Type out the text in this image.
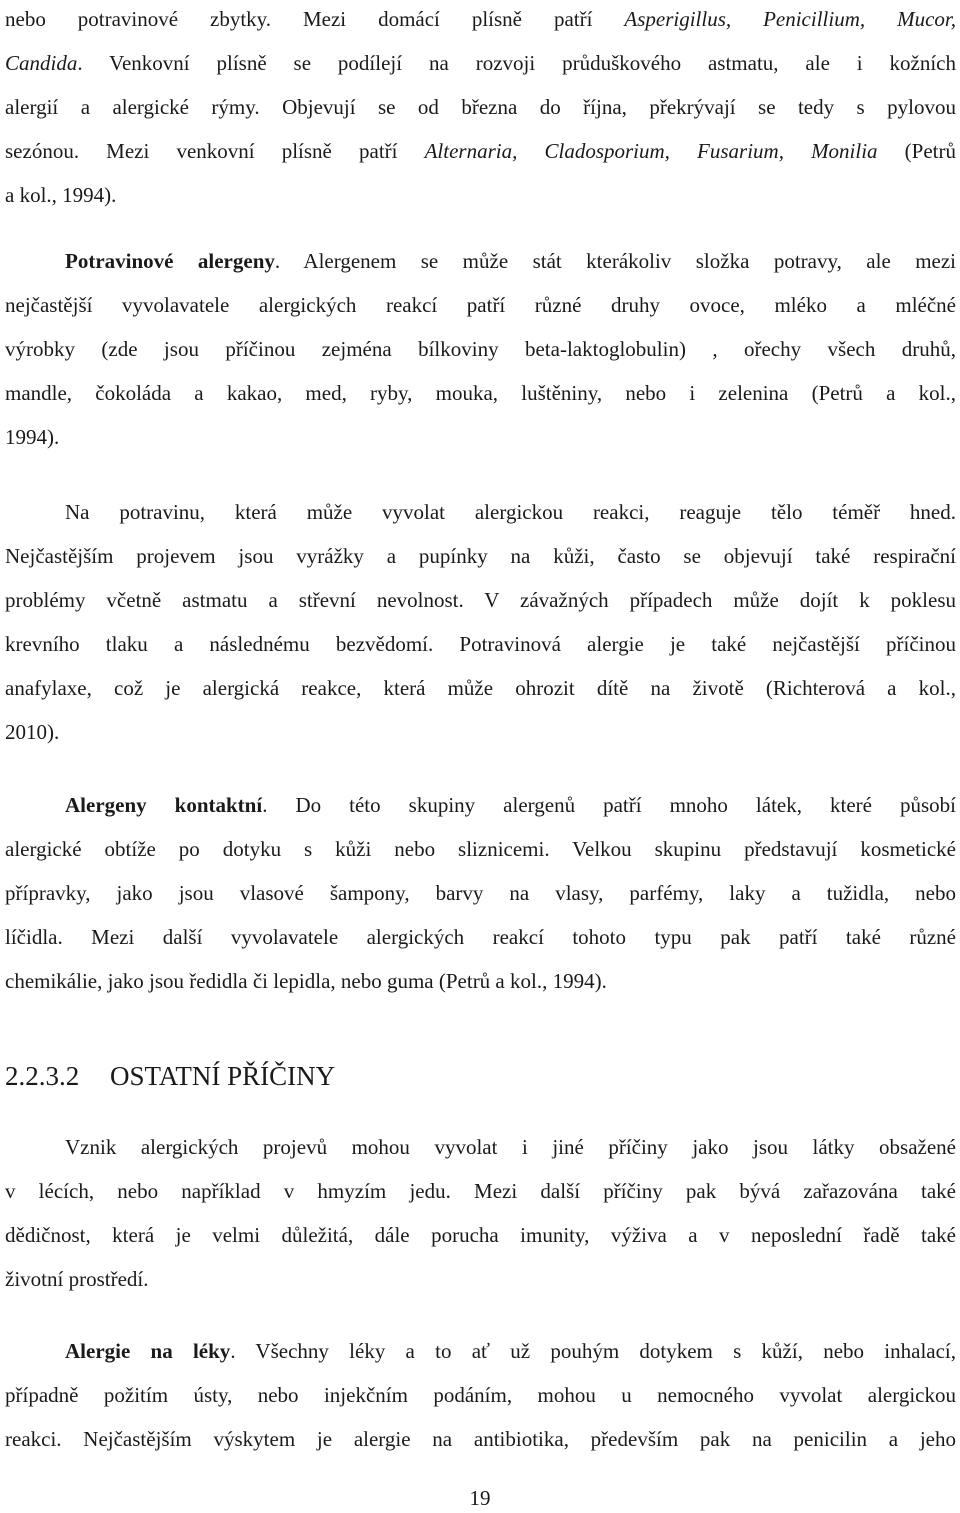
nebo potravinové zbytky. Mezi domácí plísně patří Asperigillus, Penicillium, Mucor,
Candida. Venkovní plísně se podílejí na rozvoji průduškového astmatu, ale i kožních
alergií a alergické rýmy. Objevují se od března do října, překrývají se tedy s pylovou
sezónou. Mezi venkovní plísně patří Alternaria, Cladosporium, Fusarium, Monilia (Petrů
a kol., 1994).
Potravinové alergeny. Alergenem se může stát kterákoliv složka potravy, ale mezi
nejčastější vyvolavatele alergických reakcí patří různé druhy ovoce, mléko a mléčné
výrobky (zde jsou příčinou zejména bílkoviny beta-laktoglobulin) , ořechy všech druhů,
mandle, čokoláda a kakao, med, ryby, mouka, luštěniny, nebo i zelenina (Petrů a kol.,
1994).
Na potravinu, která může vyvolat alergickou reakci, reaguje tělo téměř hned.
Nejčastějším projevem jsou vyrážky a pupínky na kůži, často se objevují také respirační
problémy včetně astmatu a střevní nevolnost. V závažných případech může dojít k poklesu
krevního tlaku a následnému bezvědomí. Potravinová alergie je také nejčastější příčinou
anafylaxe, což je alergická reakce, která může ohrozit dítě na životě (Richterová a kol.,
2010).
Alergeny kontaktní. Do této skupiny alergenů patří mnoho látek, které působí
alergické obtíže po dotyku s kůži nebo sliznicemi. Velkou skupinu představují kosmetické
přípravky, jako jsou vlasové šampony, barvy na vlasy, parfémy, laky a tužidla, nebo
líčidla. Mezi další vyvolavatele alergických reakcí tohoto typu pak patří také různé
chemikálie, jako jsou ředidla či lepidla, nebo guma (Petrů a kol., 1994).
2.2.3.2 OSTATNÍ PŘÍČINY
Vznik alergických projevů mohou vyvolat i jiné příčiny jako jsou látky obsažené
v lécích, nebo například v hmyzím jedu. Mezi další příčiny pak bývá zařazována také
dědičnost, která je velmi důležitá, dále porucha imunity, výživa a v neposlední řadě také
životní prostředí.
Alergie na léky. Všechny léky a to ať už pouhým dotykem s kůží, nebo inhalací,
případně požitím ústy, nebo injekčním podáním, mohou u nemocného vyvolat alergickou
reakci. Nejčastějším výskytem je alergie na antibiotika, především pak na penicilin a jeho
19
